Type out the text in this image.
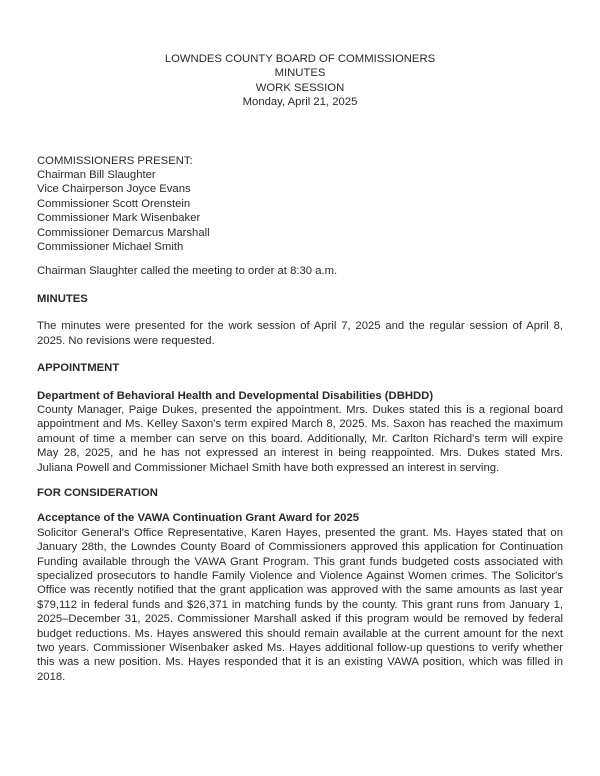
LOWNDES COUNTY BOARD OF COMMISSIONERS
MINUTES
WORK SESSION
Monday, April 21, 2025
COMMISSIONERS PRESENT:
Chairman Bill Slaughter
Vice Chairperson Joyce Evans
Commissioner Scott Orenstein
Commissioner Mark Wisenbaker
Commissioner Demarcus Marshall
Commissioner Michael Smith

Chairman Slaughter called the meeting to order at 8:30 a.m.

MINUTES

The minutes were presented for the work session of April 7, 2025 and the regular session of April 8, 2025. No revisions were requested.

APPOINTMENT
Department of Behavioral Health and Developmental Disabilities (DBHDD)

County Manager, Paige Dukes, presented the appointment. Mrs. Dukes stated this is a regional board appointment and Ms. Kelley Saxon's term expired March 8, 2025. Ms. Saxon has reached the maximum amount of time a member can serve on this board. Additionally, Mr. Carlton Richard's term will expire May 28, 2025, and he has not expressed an interest in being reappointed. Mrs. Dukes stated Mrs. Juliana Powell and Commissioner Michael Smith have both expressed an interest in serving.

FOR CONSIDERATION
Acceptance of the VAWA Continuation Grant Award for 2025

Solicitor General's Office Representative, Karen Hayes, presented the grant. Ms. Hayes stated that on January 28th, the Lowndes County Board of Commissioners approved this application for Continuation Funding available through the VAWA Grant Program. This grant funds budgeted costs associated with specialized prosecutors to handle Family Violence and Violence Against Women crimes. The Solicitor's Office was recently notified that the grant application was approved with the same amounts as last year $79,112 in federal funds and $26,371 in matching funds by the county. This grant runs from January 1, 2025–December 31, 2025. Commissioner Marshall asked if this program would be removed by federal budget reductions. Ms. Hayes answered this should remain available at the current amount for the next two years. Commissioner Wisenbaker asked Ms. Hayes additional follow-up questions to verify whether this was a new position. Ms. Hayes responded that it is an existing VAWA position, which was filled in 2018.
